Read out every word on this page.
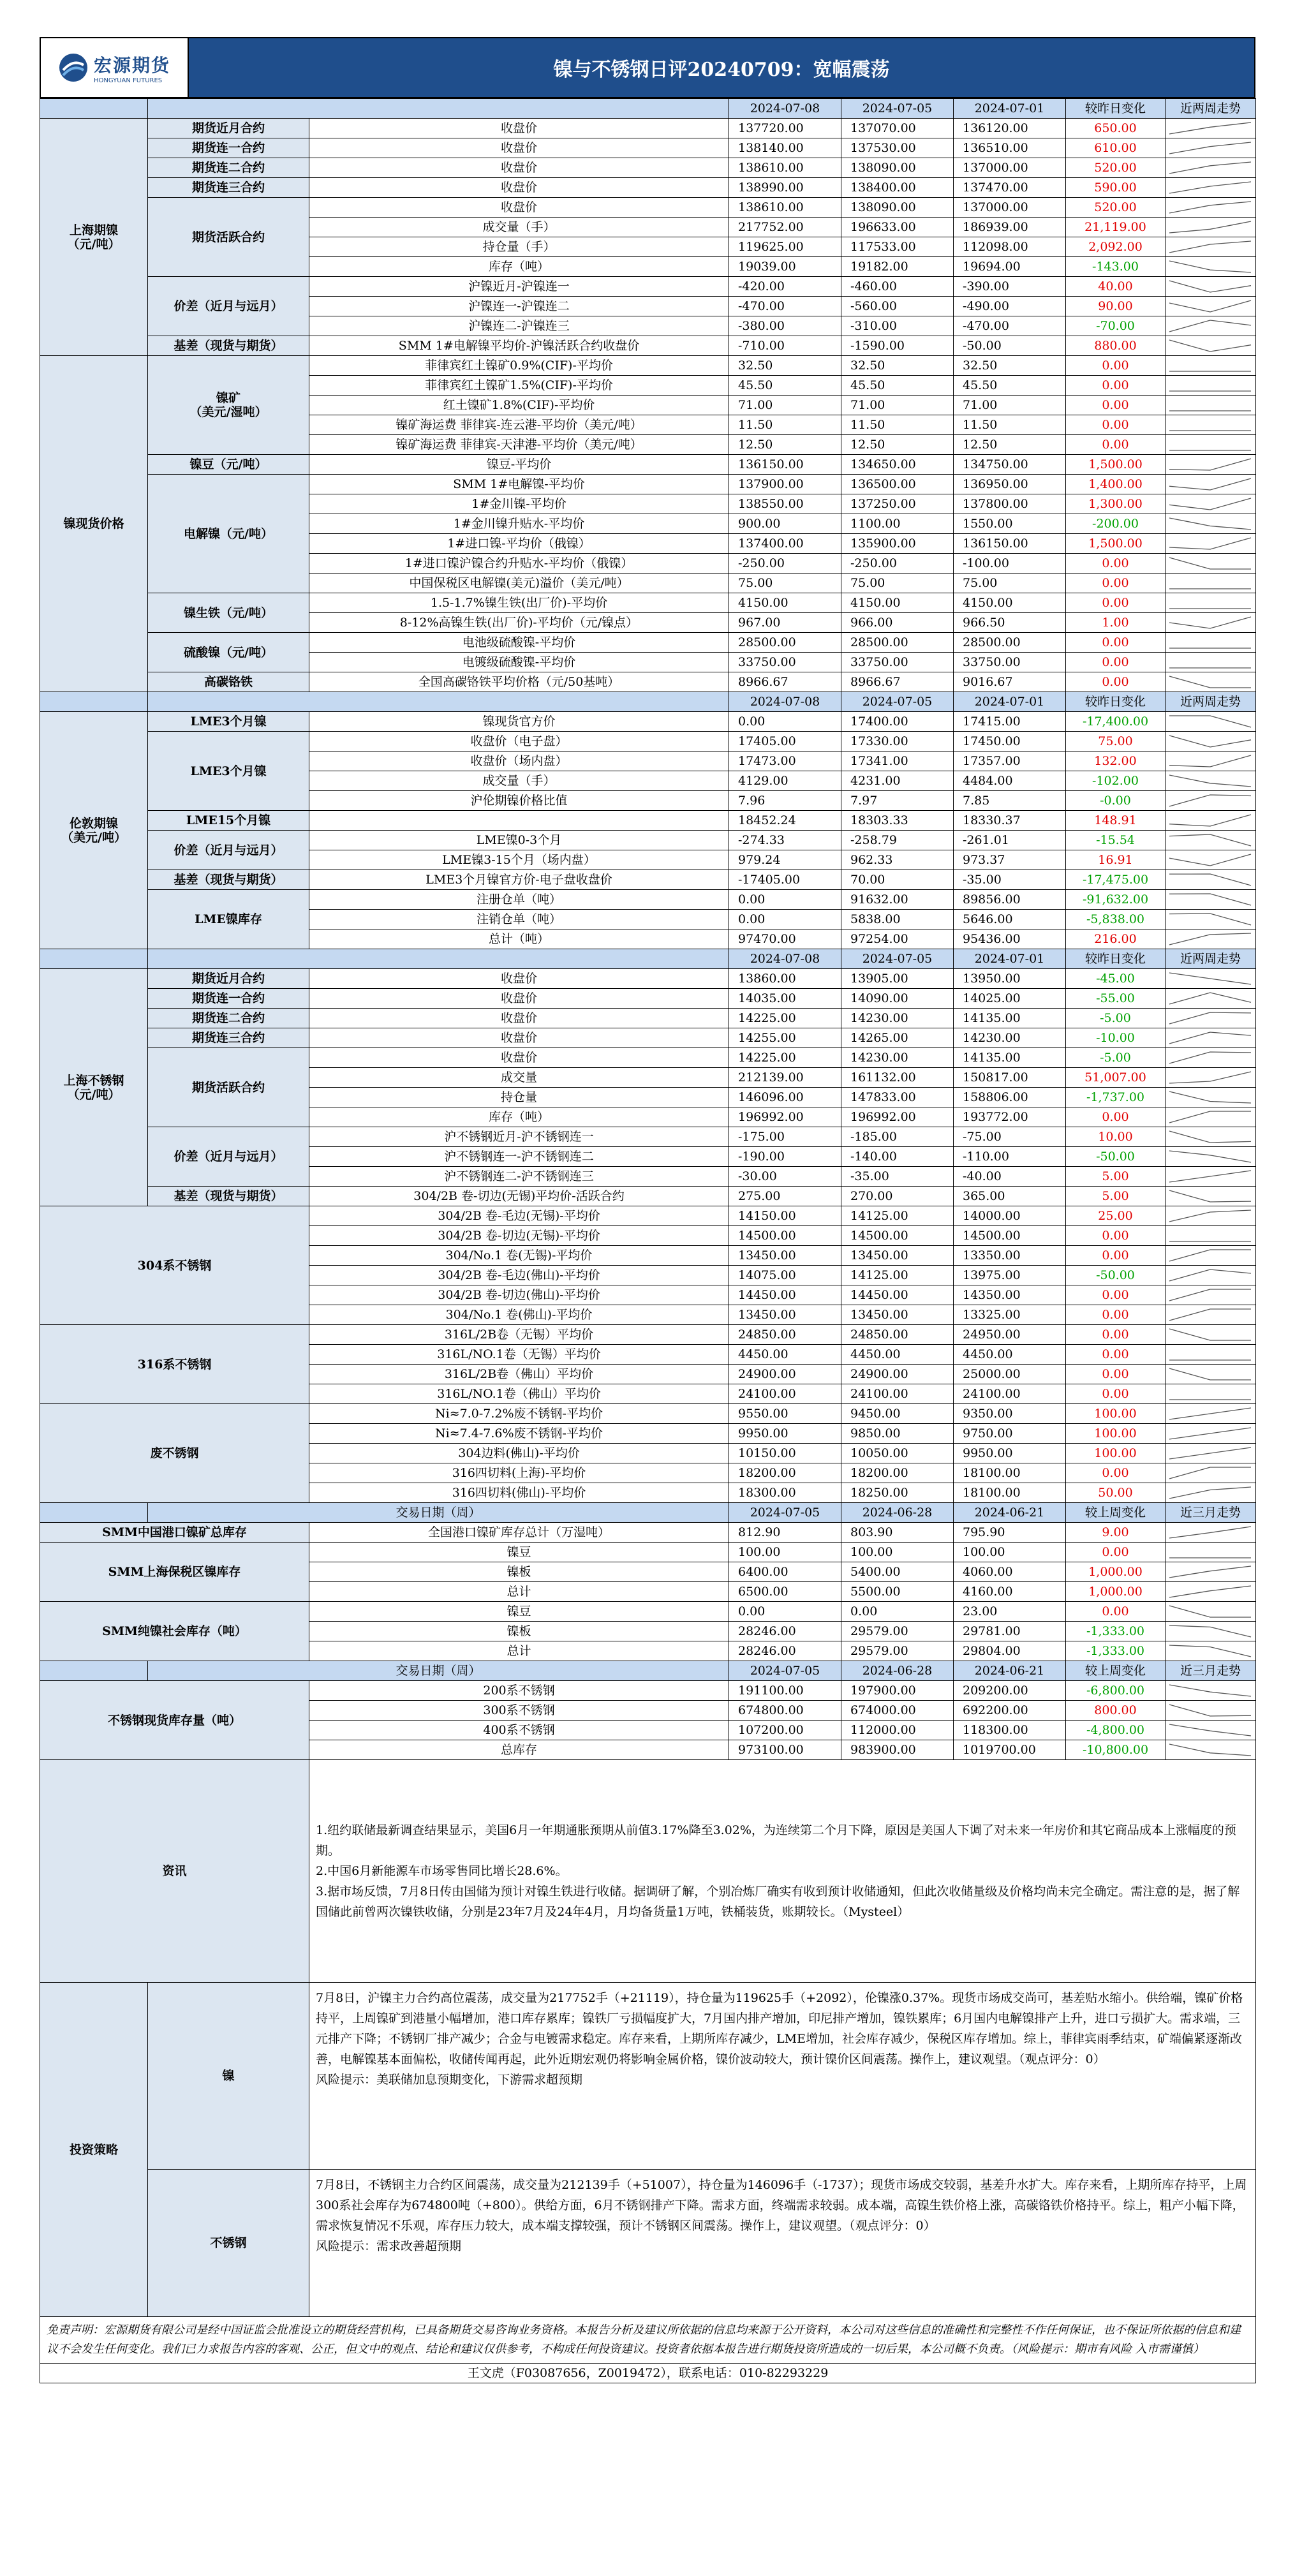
宏源期货
HONGYUAN FUTURES	镍与不锈钢日评20240709：宽幅震荡
			2024-07-08	2024-07-05	2024-07-01	较昨日变化	近两周走势
上海期镍
（元/吨）	期货近月合约	收盘价	137720.00	137070.00	136120.00	650.00	

	期货连一合约	收盘价	138140.00	137530.00	136510.00	610.00	

	期货连二合约	收盘价	138610.00	138090.00	137000.00	520.00	

	期货连三合约	收盘价	138990.00	138400.00	137470.00	590.00	

	期货活跃合约	收盘价	138610.00	138090.00	137000.00	520.00	

		成交量（手）	217752.00	196633.00	186939.00	21,119.00	

		持仓量（手）	119625.00	117533.00	112098.00	2,092.00	

		库存（吨）	19039.00	19182.00	19694.00	-143.00	

	价差（近月与远月）	沪镍近月-沪镍连一	-420.00	-460.00	-390.00	40.00	

		沪镍连一-沪镍连二	-470.00	-560.00	-490.00	90.00	

		沪镍连二-沪镍连三	-380.00	-310.00	-470.00	-70.00	

	基差（现货与期货）	SMM 1#电解镍平均价-沪镍活跃合约收盘价	-710.00	-1590.00	-50.00	880.00	

镍现货价格	镍矿
（美元/湿吨）	菲律宾红土镍矿0.9%(CIF)-平均价	32.50	32.50	32.50	0.00	

		菲律宾红土镍矿1.5%(CIF)-平均价	45.50	45.50	45.50	0.00	

		红土镍矿1.8%(CIF)-平均价	71.00	71.00	71.00	0.00	

		镍矿海运费 菲律宾-连云港-平均价（美元/吨）	11.50	11.50	11.50	0.00	

		镍矿海运费 菲律宾-天津港-平均价（美元/吨）	12.50	12.50	12.50	0.00	

	镍豆（元/吨）	镍豆-平均价	136150.00	134650.00	134750.00	1,500.00	

	电解镍（元/吨）	SMM 1#电解镍-平均价	137900.00	136500.00	136950.00	1,400.00	

		1#金川镍-平均价	138550.00	137250.00	137800.00	1,300.00	

		1#金川镍升贴水-平均价	900.00	1100.00	1550.00	-200.00	

		1#进口镍-平均价（俄镍）	137400.00	135900.00	136150.00	1,500.00	

		1#进口镍沪镍合约升贴水-平均价（俄镍）	-250.00	-250.00	-100.00	0.00	

		中国保税区电解镍(美元)溢价（美元/吨）	75.00	75.00	75.00	0.00	

	镍生铁（元/吨）	1.5-1.7%镍生铁(出厂价)-平均价	4150.00	4150.00	4150.00	0.00	

		8-12%高镍生铁(出厂价)-平均价（元/镍点）	967.00	966.00	966.50	1.00	

	硫酸镍（元/吨）	电池级硫酸镍-平均价	28500.00	28500.00	28500.00	0.00	

		电镀级硫酸镍-平均价	33750.00	33750.00	33750.00	0.00	

	高碳铬铁	全国高碳铬铁平均价格（元/50基吨）	8966.67	8966.67	9016.67	0.00	

			2024-07-08	2024-07-05	2024-07-01	较昨日变化	近两周走势
伦敦期镍
（美元/吨）	LME3个月镍	镍现货官方价	0.00	17400.00	17415.00	-17,400.00	

	LME3个月镍	收盘价（电子盘）	17405.00	17330.00	17450.00	75.00	

		收盘价（场内盘）	17473.00	17341.00	17357.00	132.00	

		成交量（手）	4129.00	4231.00	4484.00	-102.00	

		沪伦期镍价格比值	7.96	7.97	7.85	-0.00	

	LME15个月镍		18452.24	18303.33	18330.37	148.91	

	价差（近月与远月）	LME镍0-3个月	-274.33	-258.79	-261.01	-15.54	

		LME镍3-15个月（场内盘）	979.24	962.33	973.37	16.91	

	基差（现货与期货）	LME3个月镍官方价-电子盘收盘价	-17405.00	70.00	-35.00	-17,475.00	

	LME镍库存	注册仓单（吨）	0.00	91632.00	89856.00	-91,632.00	

		注销仓单（吨）	0.00	5838.00	5646.00	-5,838.00	

		总计（吨）	97470.00	97254.00	95436.00	216.00	

			2024-07-08	2024-07-05	2024-07-01	较昨日变化	近两周走势
上海不锈钢
（元/吨）	期货近月合约	收盘价	13860.00	13905.00	13950.00	-45.00	

	期货连一合约	收盘价	14035.00	14090.00	14025.00	-55.00	

	期货连二合约	收盘价	14225.00	14230.00	14135.00	-5.00	

	期货连三合约	收盘价	14255.00	14265.00	14230.00	-10.00	

	期货活跃合约	收盘价	14225.00	14230.00	14135.00	-5.00	

		成交量	212139.00	161132.00	150817.00	51,007.00	

		持仓量	146096.00	147833.00	158806.00	-1,737.00	

		库存（吨）	196992.00	196992.00	193772.00	0.00	

	价差（近月与远月）	沪不锈钢近月-沪不锈钢连一	-175.00	-185.00	-75.00	10.00	

		沪不锈钢连一-沪不锈钢连二	-190.00	-140.00	-110.00	-50.00	

		沪不锈钢连二-沪不锈钢连三	-30.00	-35.00	-40.00	5.00	

	基差（现货与期货）	304/2B 卷-切边(无锡)平均价-活跃合约	275.00	270.00	365.00	5.00	

304系不锈钢		304/2B 卷-毛边(无锡)-平均价	14150.00	14125.00	14000.00	25.00	

		304/2B 卷-切边(无锡)-平均价	14500.00	14500.00	14500.00	0.00	

		304/No.1 卷(无锡)-平均价	13450.00	13450.00	13350.00	0.00	

		304/2B 卷-毛边(佛山)-平均价	14075.00	14125.00	13975.00	-50.00	

		304/2B 卷-切边(佛山)-平均价	14450.00	14450.00	14350.00	0.00	

		304/No.1 卷(佛山)-平均价	13450.00	13450.00	13325.00	0.00	

316系不锈钢		316L/2B卷（无锡）平均价	24850.00	24850.00	24950.00	0.00	

		316L/NO.1卷（无锡）平均价	4450.00	4450.00	4450.00	0.00	

		316L/2B卷（佛山）平均价	24900.00	24900.00	25000.00	0.00	

		316L/NO.1卷（佛山）平均价	24100.00	24100.00	24100.00	0.00	

废不锈钢		Ni≈7.0-7.2%废不锈钢-平均价	9550.00	9450.00	9350.00	100.00	

		Ni≈7.4-7.6%废不锈钢-平均价	9950.00	9850.00	9750.00	100.00	

		304边料(佛山)-平均价	10150.00	10050.00	9950.00	100.00	

		316四切料(上海)-平均价	18200.00	18200.00	18100.00	0.00	

		316四切料(佛山)-平均价	18300.00	18250.00	18100.00	50.00	

	交易日期（周）		2024-07-05	2024-06-28	2024-06-21	较上周变化	近三月走势
SMM中国港口镍矿总库存		全国港口镍矿库存总计（万湿吨）	812.90	803.90	795.90	9.00	

SMM上海保税区镍库存		镍豆	100.00	100.00	100.00	0.00	

		镍板	6400.00	5400.00	4060.00	1,000.00	

		总计	6500.00	5500.00	4160.00	1,000.00	

SMM纯镍社会库存（吨）		镍豆	0.00	0.00	23.00	0.00	

		镍板	28246.00	29579.00	29781.00	-1,333.00	

		总计	28246.00	29579.00	29804.00	-1,333.00	

	交易日期（周）		2024-07-05	2024-06-28	2024-06-21	较上周变化	近三月走势
不锈钢现货库存量（吨）		200系不锈钢	191100.00	197900.00	209200.00	-6,800.00	

		300系不锈钢	674800.00	674000.00	692200.00	800.00	

		400系不锈钢	107200.00	112000.00	118300.00	-4,800.00	

		总库存	973100.00	983900.00	1019700.00	-10,800.00	

资讯		1.纽约联储最新调查结果显示，美国6月一年期通胀预期从前值3.17%降至3.02%，为连续第二个月下降，原因是美国人下调了对未来一年房价和其它商品成本上涨幅度的预期。

2.中国6月新能源车市场零售同比增长28.6%。

3.据市场反馈，7月8日传由国储为预计对镍生铁进行收储。据调研了解，个别冶炼厂确实有收到预计收储通知，但此次收储量级及价格均尚未完全确定。需注意的是，据了解国储此前曾两次镍铁收储，分别是23年7月及24年4月，月均备货量1万吨，铁桶装货，账期较长。（Mysteel）					

投资策略	镍	7月8日，沪镍主力合约高位震荡，成交量为217752手（+21119），持仓量为119625手（+2092），伦镍涨0.37%。现货市场成交尚可，基差贴水缩小。供给端，镍矿价格持平，上周镍矿到港量小幅增加，港口库存累库；镍铁厂亏损幅度扩大，7月国内排产增加，印尼排产增加，镍铁累库；6月国内电解镍排产上升，进口亏损扩大。需求端，三元排产下降；不锈钢厂排产减少；合金与电镀需求稳定。库存来看，上期所库存减少，LME增加，社会库存减少，保税区库存增加。综上，菲律宾雨季结束，矿端偏紧逐渐改善，电解镍基本面偏松，收储传闻再起，此外近期宏观仍将影响金属价格，镍价波动较大，预计镍价区间震荡。操作上，建议观望。（观点评分：0）

风险提示：美联储加息预期变化，下游需求超预期					

	不锈钢	7月8日，不锈钢主力合约区间震荡，成交量为212139手（+51007），持仓量为146096手（-1737）；现货市场成交较弱，基差升水扩大。库存来看，上期所库存持平，上周300系社会库存为674800吨（+800）。供给方面，6月不锈钢排产下降。需求方面，终端需求较弱。成本端，高镍生铁价格上涨，高碳铬铁价格持平。综上，粗产小幅下降，需求恢复情况不乐观，库存压力较大，成本端支撑较强，预计不锈钢区间震荡。操作上，建议观望。（观点评分：0）

风险提示：需求改善超预期					

免责声明：宏源期货有限公司是经中国证监会批准设立的期货经营机构，已具备期货交易咨询业务资格。本报告分析及建议所依据的信息均来源于公开资料，本公司对这些信息的准确性和完整性不作任何保证，也不保证所依据的信息和建议不会发生任何变化。我们已力求报告内容的客观、公正，但文中的观点、结论和建议仅供参考，不构成任何投资建议。投资者依据本报告进行期货投资所造成的一切后果，本公司概不负责。（风险提示：期市有风险 入市需谨慎）							
王文虎（F03087656，Z0019472），联系电话：010-82293229							
